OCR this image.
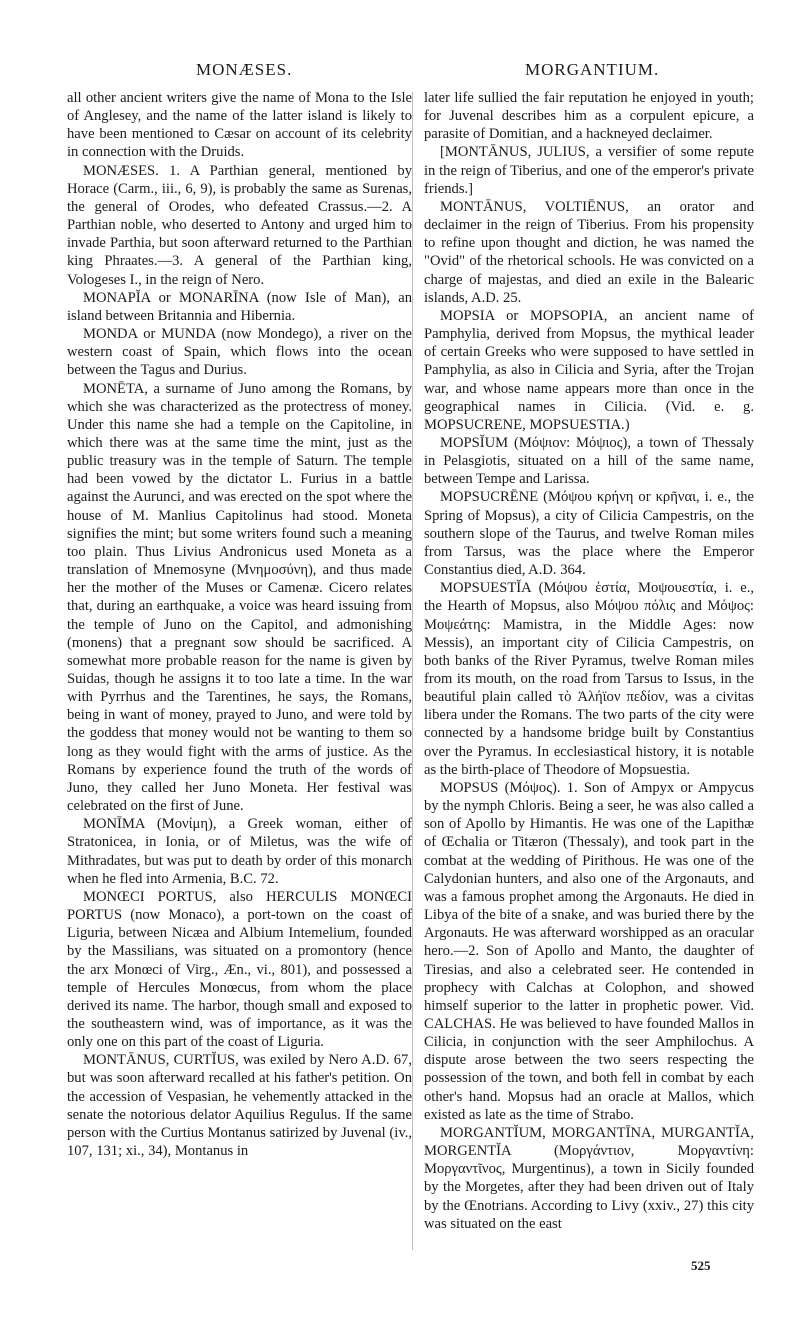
MONÆSES.	MORGANTIUM.

all other ancient writers give the name of Mona to the Isle of Anglesey, and the name of the latter island is likely to have been mentioned to Cæsar on account of its celebrity in connection with the Druids.

MONÆSES. 1. A Parthian general, mentioned by Horace (Carm., iii., 6, 9), is probably the same as Surenas, the general of Orodes, who defeated Crassus.—2. A Parthian noble, who deserted to Antony and urged him to invade Parthia, but soon afterward returned to the Parthian king Phraates.—3. A general of the Parthian king, Vologeses I., in the reign of Nero.

MONAPĬA or MONARĪNA (now Isle of Man), an island between Britannia and Hibernia.

MONDA or MUNDA (now Mondego), a river on the western coast of Spain, which flows into the ocean between the Tagus and Durius.

MONĒTA, a surname of Juno among the Romans, by which she was characterized as the protectress of money. Under this name she had a temple on the Capitoline, in which there was at the same time the mint, just as the public treasury was in the temple of Saturn. The temple had been vowed by the dictator L. Furius in a battle against the Aurunci, and was erected on the spot where the house of M. Manlius Capitolinus had stood. Moneta signifies the mint; but some writers found such a meaning too plain. Thus Livius Andronicus used Moneta as a translation of Mnemosyne (Μνημοσύνη), and thus made her the mother of the Muses or Camenæ. Cicero relates that, during an earthquake, a voice was heard issuing from the temple of Juno on the Capitol, and admonishing (monens) that a pregnant sow should be sacrificed. A somewhat more probable reason for the name is given by Suidas, though he assigns it to too late a time. In the war with Pyrrhus and the Tarentines, he says, the Romans, being in want of money, prayed to Juno, and were told by the goddess that money would not be wanting to them so long as they would fight with the arms of justice. As the Romans by experience found the truth of the words of Juno, they called her Juno Moneta. Her festival was celebrated on the first of June.

MONĪMA (Μονίμη), a Greek woman, either of Stratonicea, in Ionia, or of Miletus, was the wife of Mithradates, but was put to death by order of this monarch when he fled into Armenia, B.C. 72.

MONŒCI PORTUS, also HERCULIS MONŒCI PORTUS (now Monaco), a port-town on the coast of Liguria, between Nicæa and Albium Intemelium, founded by the Massilians, was situated on a promontory (hence the arx Monœci of Virg., Æn., vi., 801), and possessed a temple of Hercules Monœcus, from whom the place derived its name. The harbor, though small and exposed to the southeastern wind, was of importance, as it was the only one on this part of the coast of Liguria.

MONTĀNUS, CURTĬUS, was exiled by Nero A.D. 67, but was soon afterward recalled at his father's petition. On the accession of Vespasian, he vehemently attacked in the senate the notorious delator Aquilius Regulus. If the same person with the Curtius Montanus satirized by Juvenal (iv., 107, 131; xi., 34), Montanus in

later life sullied the fair reputation he enjoyed in youth; for Juvenal describes him as a corpulent epicure, a parasite of Domitian, and a hackneyed declaimer.

[MONTĀNUS, JULIUS, a versifier of some repute in the reign of Tiberius, and one of the emperor's private friends.]

MONTĀNUS, VOLTIĒNUS, an orator and declaimer in the reign of Tiberius. From his propensity to refine upon thought and diction, he was named the "Ovid" of the rhetorical schools. He was convicted on a charge of majestas, and died an exile in the Balearic islands, A.D. 25.

MOPSIA or MOPSOPIA, an ancient name of Pamphylia, derived from Mopsus, the mythical leader of certain Greeks who were supposed to have settled in Pamphylia, as also in Cilicia and Syria, after the Trojan war, and whose name appears more than once in the geographical names in Cilicia. (Vid. e. g. MOPSUCRENE, MOPSUESTIA.)

MOPSĬUM (Μόψιον: Μόψιος), a town of Thessaly in Pelasgiotis, situated on a hill of the same name, between Tempe and Larissa.

MOPSUCRĒNE (Μόψου κρήνη or κρῆναι, i. e., the Spring of Mopsus), a city of Cilicia Campestris, on the southern slope of the Taurus, and twelve Roman miles from Tarsus, was the place where the Emperor Constantius died, A.D. 364.

MOPSUESTĬA (Μόψου ἑστία, Μοψουεστία, i. e., the Hearth of Mopsus, also Μόψου πόλις and Μόψος: Μοψεάτης: Mamistra, in the Middle Ages: now Messis), an important city of Cilicia Campestris, on both banks of the River Pyramus, twelve Roman miles from its mouth, on the road from Tarsus to Issus, in the beautiful plain called τὸ Ἀλήϊον πεδίον, was a civitas libera under the Romans. The two parts of the city were connected by a handsome bridge built by Constantius over the Pyramus. In ecclesiastical history, it is notable as the birth-place of Theodore of Mopsuestia.

MOPSUS (Μόψος). 1. Son of Ampyx or Ampycus by the nymph Chloris. Being a seer, he was also called a son of Apollo by Himantis. He was one of the Lapithæ of Œchalia or Titæron (Thessaly), and took part in the combat at the wedding of Pirithous. He was one of the Calydonian hunters, and also one of the Argonauts, and was a famous prophet among the Argonauts. He died in Libya of the bite of a snake, and was buried there by the Argonauts. He was afterward worshipped as an oracular hero.—2. Son of Apollo and Manto, the daughter of Tiresias, and also a celebrated seer. He contended in prophecy with Calchas at Colophon, and showed himself superior to the latter in prophetic power. Vid. CALCHAS. He was believed to have founded Mallos in Cilicia, in conjunction with the seer Amphilochus. A dispute arose between the two seers respecting the possession of the town, and both fell in combat by each other's hand. Mopsus had an oracle at Mallos, which existed as late as the time of Strabo.

MORGANTĬUM, MORGANTĪNA, MURGANTĬA, MORGENTĬA (Μοργάντιον, Μοργαντίνη: Μοργαντῖνος, Murgentinus), a town in Sicily founded by the Morgetes, after they had been driven out of Italy by the Œnotrians. According to Livy (xxiv., 27) this city was situated on the east

525
